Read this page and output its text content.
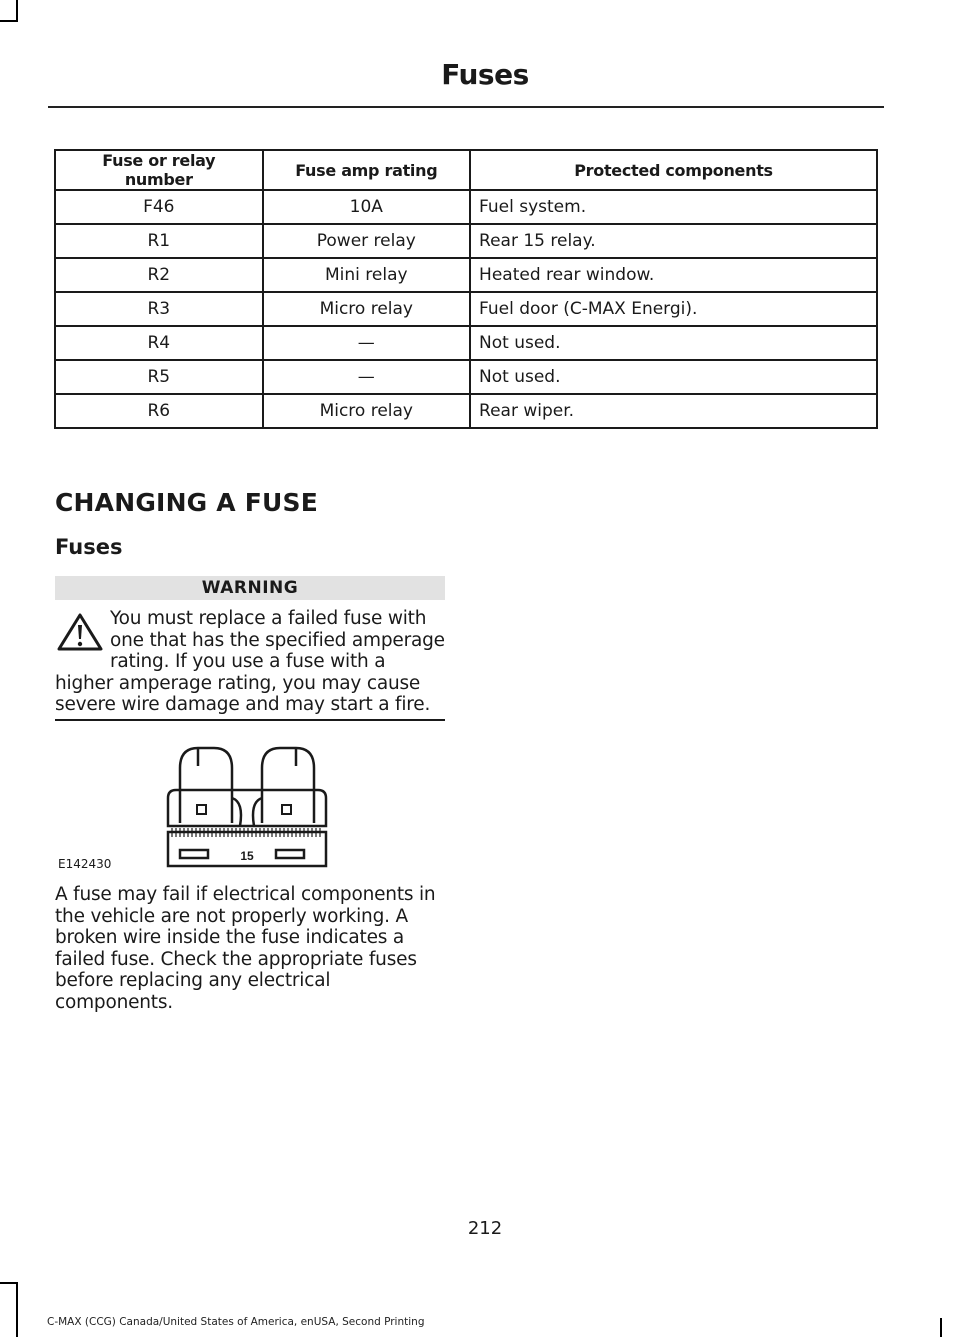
Fuses
Fuse or relay number	Fuse amp rating	Protected components
F46	10A	Fuel system.
R1	Power relay	Rear 15 relay.
R2	Mini relay	Heated rear window.
R3	Micro relay	Fuel door (C-MAX Energi).
R4	—	Not used.
R5	—	Not used.
R6	Micro relay	Rear wiper.
CHANGING A FUSE
Fuses
WARNING
You must replace a failed fuse with one that has the specified amperage rating. If you use a fuse with a higher amperage rating, you may cause severe wire damage and may start a fire.
15
E142430
A fuse may fail if electrical components in the vehicle are not properly working. A broken wire inside the fuse indicates a failed fuse. Check the appropriate fuses before replacing any electrical components.
212
C-MAX (CCG) Canada/United States of America, enUSA, Second Printing
